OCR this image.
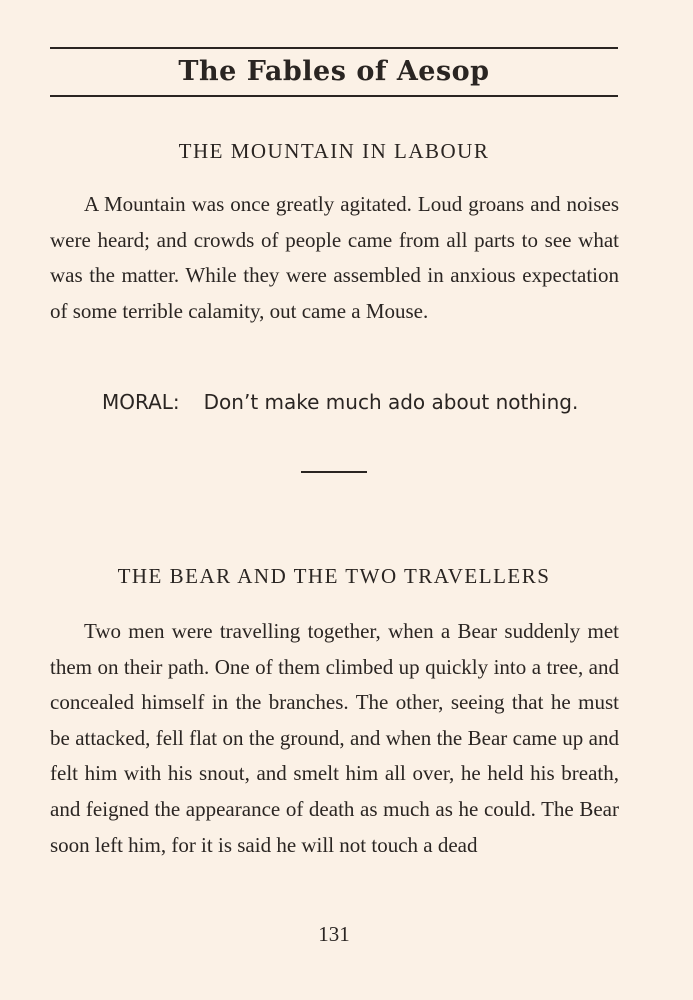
The Fables of Aesop
THE MOUNTAIN IN LABOUR

A Mountain was once greatly agitated. Loud groans and noises were heard; and crowds of people came from all parts to see what was the matter. While they were assembled in anxious expectation of some terrible calamity, out came a Mouse.

MORAL: Don’t make much ado about nothing.
THE BEAR AND THE TWO TRAVELLERS

Two men were travelling together, when a Bear suddenly met them on their path. One of them climbed up quickly into a tree, and concealed himself in the branches. The other, seeing that he must be attacked, fell flat on the ground, and when the Bear came up and felt him with his snout, and smelt him all over, he held his breath, and feigned the appearance of death as much as he could. The Bear soon left him, for it is said he will not touch a dead

131
